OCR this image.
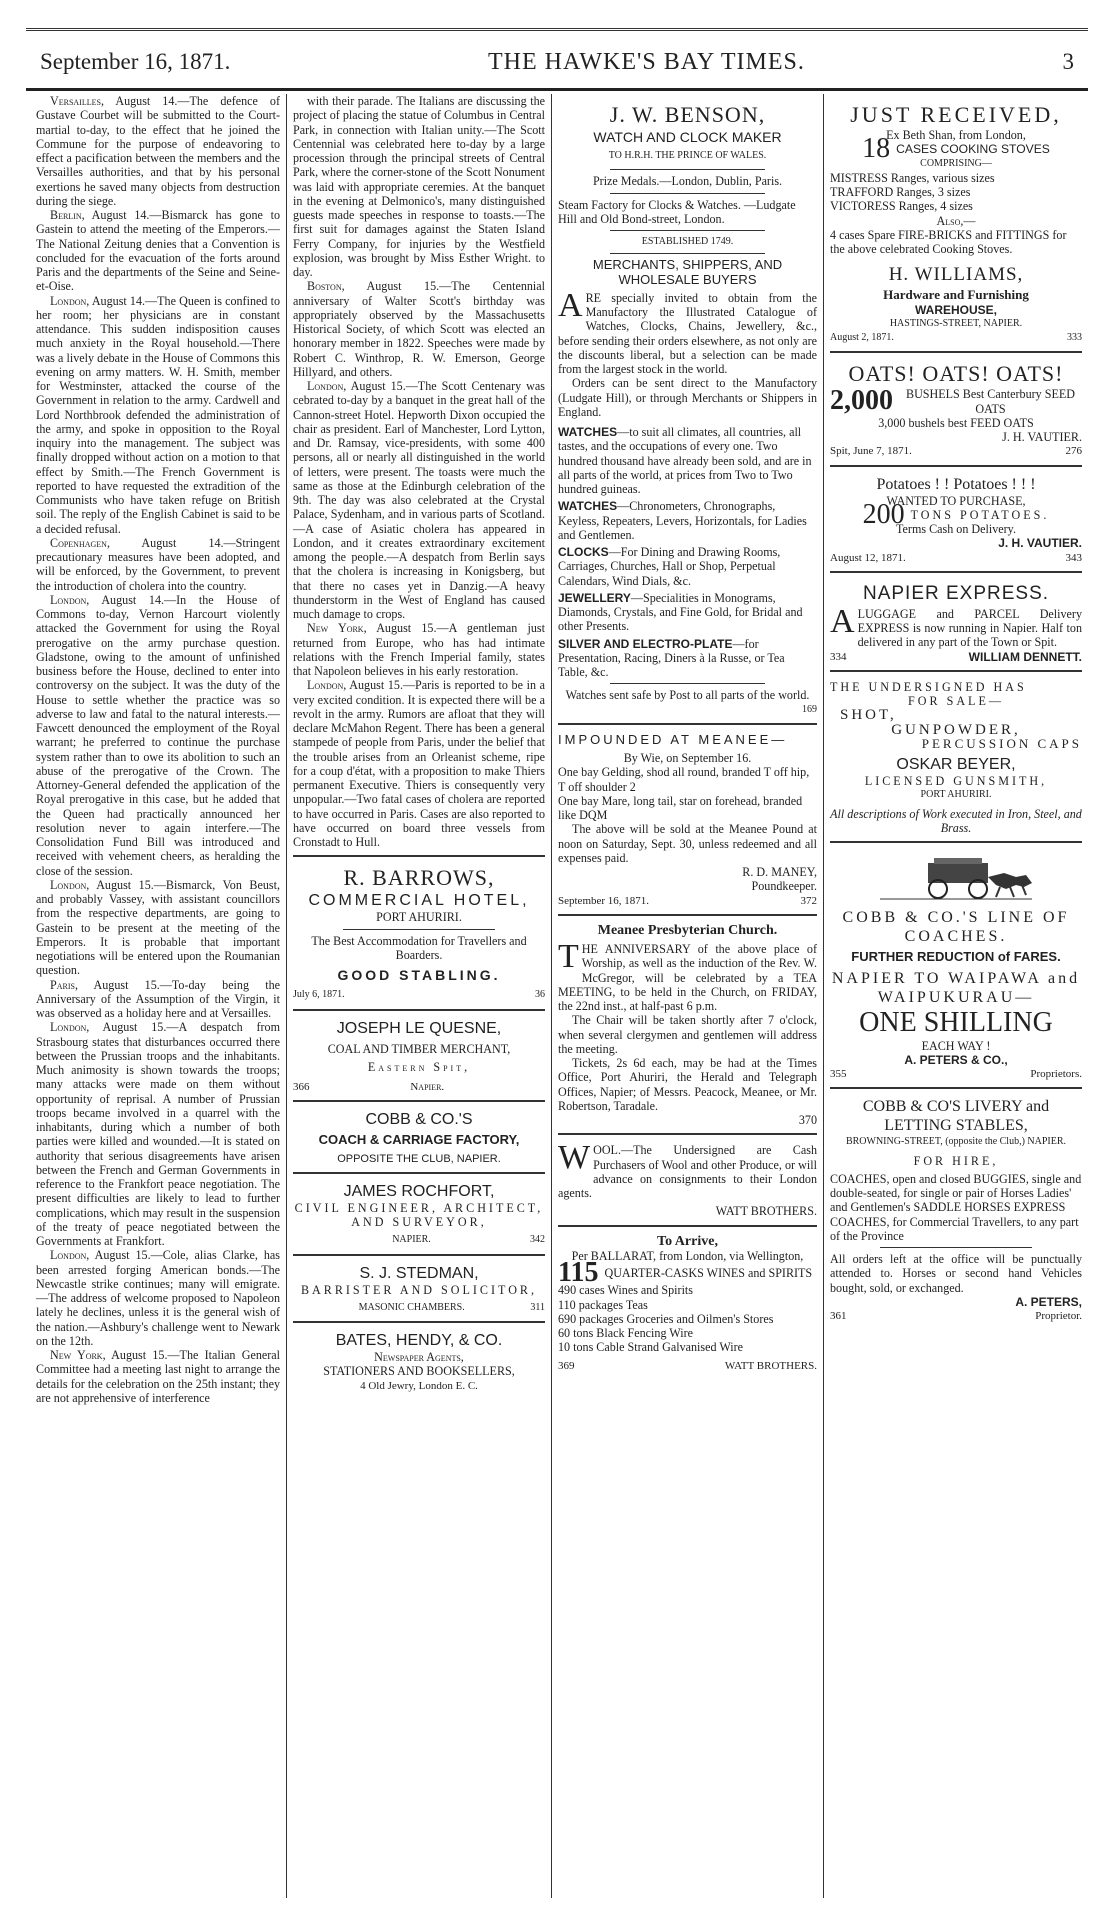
September 16, 1871.	THE HAWKE'S BAY TIMES.	3

Versailles, August 14.—The defence of Gustave Courbet will be submitted to the Court-martial to-day, to the effect that he joined the Commune for the purpose of endeavoring to effect a pacification between the members and the Versailles authorities, and that by his personal exertions he saved many objects from destruction during the siege.

Berlin, August 14.—Bismarck has gone to Gastein to attend the meeting of the Emperors.—The National Zeitung denies that a Convention is concluded for the evacuation of the forts around Paris and the departments of the Seine and Seine-et-Oise.

London, August 14.—The Queen is confined to her room; her physicians are in constant attendance. This sudden indisposition causes much anxiety in the Royal household.—There was a lively debate in the House of Commons this evening on army matters. W. H. Smith, member for Westminster, attacked the course of the Government in relation to the army. Cardwell and Lord Northbrook defended the administration of the army, and spoke in opposition to the Royal inquiry into the management. The subject was finally dropped without action on a motion to that effect by Smith.—The French Government is reported to have requested the extradition of the Communists who have taken refuge on British soil. The reply of the English Cabinet is said to be a decided refusal.

Copenhagen, August 14.—Stringent precautionary measures have been adopted, and will be enforced, by the Government, to prevent the introduction of cholera into the country.

London, August 14.—In the House of Commons to-day, Vernon Harcourt violently attacked the Government for using the Royal prerogative on the army purchase question. Gladstone, owing to the amount of unfinished business before the House, declined to enter into controversy on the subject. It was the duty of the House to settle whether the practice was so adverse to law and fatal to the natural interests.—Fawcett denounced the employment of the Royal warrant; he preferred to continue the purchase system rather than to owe its abolition to such an abuse of the prerogative of the Crown. The Attorney-General defended the application of the Royal prerogative in this case, but he added that the Queen had practically announced her resolution never to again interfere.—The Consolidation Fund Bill was introduced and received with vehement cheers, as heralding the close of the session.

London, August 15.—Bismarck, Von Beust, and probably Vassey, with assistant councillors from the respective departments, are going to Gastein to be present at the meeting of the Emperors. It is probable that important negotiations will be entered upon the Roumanian question.

Paris, August 15.—To-day being the Anniversary of the Assumption of the Virgin, it was observed as a holiday here and at Versailles.

London, August 15.—A despatch from Strasbourg states that disturbances occurred there between the Prussian troops and the inhabitants. Much animosity is shown towards the troops; many attacks were made on them without opportunity of reprisal. A number of Prussian troops became involved in a quarrel with the inhabitants, during which a number of both parties were killed and wounded.—It is stated on authority that serious disagreements have arisen between the French and German Governments in reference to the Frankfort peace negotiation. The present difficulties are likely to lead to further complications, which may result in the suspension of the treaty of peace negotiated between the Governments at Frankfort.

London, August 15.—Cole, alias Clarke, has been arrested forging American bonds.—The Newcastle strike continues; many will emigrate.—The address of welcome proposed to Napoleon lately he declines, unless it is the general wish of the nation.—Ashbury's challenge went to Newark on the 12th.

New York, August 15.—The Italian General Committee had a meeting last night to arrange the details for the celebration on the 25th instant; they are not apprehensive of interference

with their parade. The Italians are discussing the project of placing the statue of Columbus in Central Park, in connection with Italian unity.—The Scott Centennial was celebrated here to-day by a large procession through the principal streets of Central Park, where the corner-stone of the Scott Nonument was laid with appropriate ceremies. At the banquet in the evening at Delmonico's, many distinguished guests made speeches in response to toasts.—The first suit for damages against the Staten Island Ferry Company, for injuries by the Westfield explosion, was brought by Miss Esther Wright. to day.

Boston, August 15.—The Centennial anniversary of Walter Scott's birthday was appropriately observed by the Massachusetts Historical Society, of which Scott was elected an honorary member in 1822. Speeches were made by Robert C. Winthrop, R. W. Emerson, George Hillyard, and others.

London, August 15.—The Scott Centenary was cebrated to-day by a banquet in the great hall of the Cannon-street Hotel. Hepworth Dixon occupied the chair as president. Earl of Manchester, Lord Lytton, and Dr. Ramsay, vice-presidents, with some 400 persons, all or nearly all distinguished in the world of letters, were present. The toasts were much the same as those at the Edinburgh celebration of the 9th. The day was also celebrated at the Crystal Palace, Sydenham, and in various parts of Scotland.—A case of Asiatic cholera has appeared in London, and it creates extraordinary excitement among the people.—A despatch from Berlin says that the cholera is increasing in Konigsberg, but that there no cases yet in Danzig.—A heavy thunderstorm in the West of England has caused much damage to crops.

New York, August 15.—A gentleman just returned from Europe, who has had intimate relations with the French Imperial family, states that Napoleon believes in his early restoration.

London, August 15.—Paris is reported to be in a very excited condition. It is expected there will be a revolt in the army. Rumors are afloat that they will declare McMahon Regent. There has been a general stampede of people from Paris, under the belief that the trouble arises from an Orleanist scheme, ripe for a coup d'état, with a proposition to make Thiers permanent Executive. Thiers is consequently very unpopular.—Two fatal cases of cholera are reported to have occurred in Paris. Cases are also reported to have occurred on board three vessels from Cronstadt to Hull.

R. BARROWS,
COMMERCIAL HOTEL,
PORT AHURIRI.
The Best Accommodation for Travellers and Boarders.
GOOD STABLING.
July 6, 1871.	36
JOSEPH LE QUESNE,
COAL AND TIMBER MERCHANT,
Eastern Spit,
366	Napier.
COBB & CO.'S
COACH & CARRIAGE FACTORY,
OPPOSITE THE CLUB, NAPIER.
JAMES ROCHFORT,
CIVIL ENGINEER, ARCHITECT, AND SURVEYOR,
NAPIER.	342
S. J. STEDMAN,
BARRISTER AND SOLICITOR,
MASONIC CHAMBERS.	311
BATES, HENDY, & CO.
Newspaper Agents,
STATIONERS AND BOOKSELLERS,
4 Old Jewry, London E. C.
J. W. BENSON,
WATCH AND CLOCK MAKER
TO H.R.H. THE PRINCE OF WALES.
Prize Medals.—London, Dublin, Paris.
Steam Factory for Clocks & Watches. —Ludgate Hill and Old Bond-street, London.
ESTABLISHED 1749.
MERCHANTS, SHIPPERS, AND WHOLESALE BUYERS
ARE specially invited to obtain from the Manufactory the Illustrated Catalogue of Watches, Clocks, Chains, Jewellery, &c., before sending their orders elsewhere, as not only are the discounts liberal, but a selection can be made from the largest stock in the world.

Orders can be sent direct to the Manufactory (Ludgate Hill), or through Merchants or Shippers in England.

WATCHES—to suit all climates, all countries, all tastes, and the occupations of every one. Two hundred thousand have already been sold, and are in all parts of the world, at prices from Two to Two hundred guineas.
WATCHES—Chronometers, Chronographs, Keyless, Repeaters, Levers, Horizontals, for Ladies and Gentlemen.
CLOCKS—For Dining and Drawing Rooms, Carriages, Churches, Hall or Shop, Perpetual Calendars, Wind Dials, &c.
JEWELLERY—Specialities in Monograms, Diamonds, Crystals, and Fine Gold, for Bridal and other Presents.
SILVER AND ELECTRO-PLATE—for Presentation, Racing, Diners à la Russe, or Tea Table, &c.
Watches sent safe by Post to all parts of the world.
169
IMPOUNDED AT MEANEE—
By Wie, on September 16.
One bay Gelding, shod all round, branded T off hip, T off shoulder 2
One bay Mare, long tail, star on forehead, branded like DQM

The above will be sold at the Meanee Pound at noon on Saturday, Sept. 30, unless redeemed and all expenses paid.

R. D. MANEY,
Poundkeeper.
September 16, 1871.	372
Meanee Presbyterian Church.
THE ANNIVERSARY of the above place of Worship, as well as the induction of the Rev. W. McGregor, will be celebrated by a TEA MEETING, to be held in the Church, on FRIDAY, the 22nd inst., at half-past 6 p.m.

The Chair will be taken shortly after 7 o'clock, when several clergymen and gentlemen will address the meeting.

Tickets, 2s 6d each, may be had at the Times Office, Port Ahuriri, the Herald and Telegraph Offices, Napier; of Messrs. Peacock, Meanee, or Mr. Robertson, Taradale.

370
WOOL.—The Undersigned are Cash Purchasers of Wool and other Produce, or will advance on consignments to their London agents.
WATT BROTHERS.
To Arrive,
Per BALLARAT, from London, via Wellington,
115 QUARTER-CASKS WINES and SPIRITS
490 cases Wines and Spirits
110 packages Teas
690 packages Groceries and Oilmen's Stores
60 tons Black Fencing Wire
10 tons Cable Strand Galvanised Wire
369	WATT BROTHERS.
JUST RECEIVED,
Ex Beth Shan, from London,
18 CASES COOKING STOVES
COMPRISING—
MISTRESS Ranges, various sizes
TRAFFORD Ranges, 3 sizes
VICTORESS Ranges, 4 sizes
Also,—
4 cases Spare FIRE-BRICKS and FITTINGS for the above celebrated Cooking Stoves.
H. WILLIAMS,
Hardware and Furnishing
WAREHOUSE,
HASTINGS-STREET, NAPIER.
August 2, 1871.	333
OATS! OATS! OATS!
2,000	BUSHELS Best Canterbury SEED OATS
3,000 bushels best FEED OATS
J. H. VAUTIER.
Spit, June 7, 1871.	276
Potatoes ! ! Potatoes ! ! !
WANTED TO PURCHASE,
200 TONS POTATOES.
Terms Cash on Delivery.
J. H. VAUTIER.
August 12, 1871.	343
NAPIER EXPRESS.
ALUGGAGE and PARCEL Delivery EXPRESS is now running in Napier. Half ton delivered in any part of the Town or Spit.
334	WILLIAM DENNETT.
THE UNDERSIGNED HAS
FOR SALE—
SHOT,
GUNPOWDER,
PERCUSSION CAPS
OSKAR BEYER,
LICENSED GUNSMITH,
PORT AHURIRI.
All descriptions of Work executed in Iron, Steel, and Brass.
COBB & CO.'S LINE OF COACHES.
FURTHER REDUCTION of FARES.
NAPIER TO WAIPAWA and
WAIPUKURAU—
ONE SHILLING
EACH WAY !
A. PETERS & CO.,
355	Proprietors.
COBB & CO'S LIVERY and LETTING STABLES,
BROWNING-STREET, (opposite the Club,) NAPIER.
FOR HIRE,
COACHES, open and closed BUGGIES, single and double-seated, for single or pair of Horses Ladies' and Gentlemen's SADDLE HORSES EXPRESS COACHES, for Commercial Travellers, to any part of the Province
All orders left at the office will be punctually attended to. Horses or second hand Vehicles bought, sold, or exchanged.
A. PETERS,
361	Proprietor.
